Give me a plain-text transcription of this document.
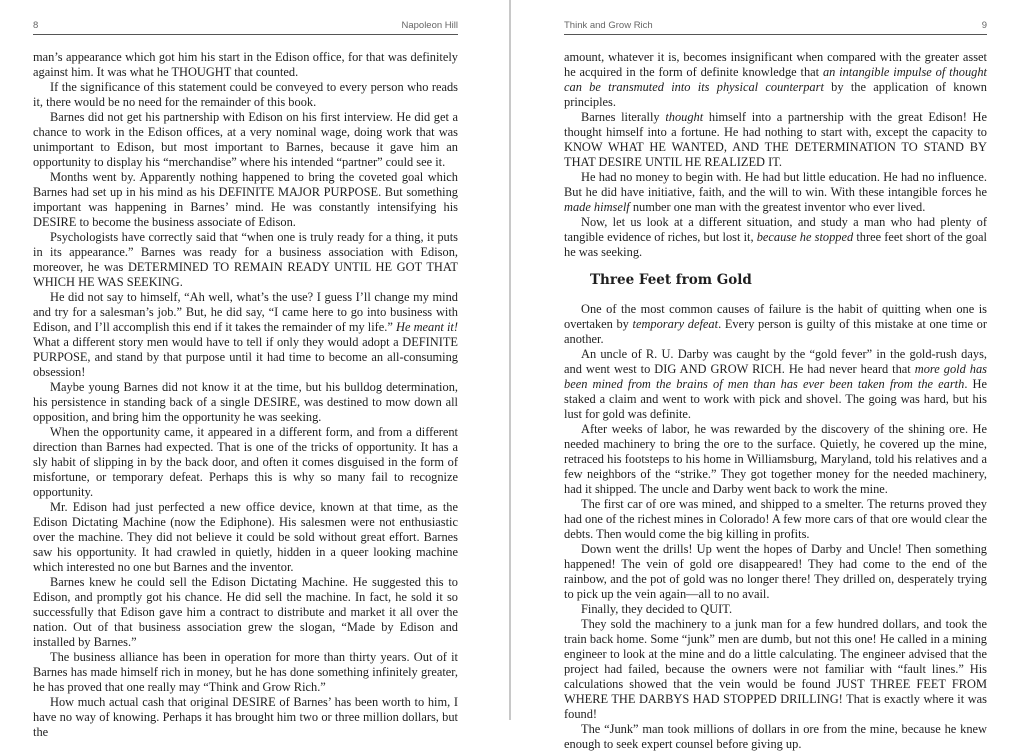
8	Napoleon Hill

man’s appearance which got him his start in the Edison office, for that was definitely against him. It was what he THOUGHT that counted.

If the significance of this statement could be conveyed to every person who reads it, there would be no need for the remainder of this book.

Barnes did not get his partnership with Edison on his first interview. He did get a chance to work in the Edison offices, at a very nominal wage, doing work that was unimportant to Edison, but most important to Barnes, because it gave him an opportunity to display his “merchandise” where his intended “partner” could see it.

Months went by. Apparently nothing happened to bring the coveted goal which Barnes had set up in his mind as his DEFINITE MAJOR PURPOSE. But something important was happening in Barnes’ mind. He was constantly intensifying his DESIRE to become the business associate of Edison.

Psychologists have correctly said that “when one is truly ready for a thing, it puts in its appearance.” Barnes was ready for a business association with Edison, moreover, he was DETERMINED TO REMAIN READY UNTIL HE GOT THAT WHICH HE WAS SEEKING.

He did not say to himself, “Ah well, what’s the use? I guess I’ll change my mind and try for a salesman’s job.” But, he did say, “I came here to go into business with Edison, and I’ll accomplish this end if it takes the remainder of my life.” He meant it! What a different story men would have to tell if only they would adopt a DEFINITE PURPOSE, and stand by that purpose until it had time to become an all-consuming obsession!

Maybe young Barnes did not know it at the time, but his bulldog determination, his persistence in standing back of a single DESIRE, was destined to mow down all opposition, and bring him the opportunity he was seeking.

When the opportunity came, it appeared in a different form, and from a different direction than Barnes had expected. That is one of the tricks of opportunity. It has a sly habit of slipping in by the back door, and often it comes disguised in the form of misfortune, or temporary defeat. Perhaps this is why so many fail to recognize opportunity.

Mr. Edison had just perfected a new office device, known at that time, as the Edison Dictating Machine (now the Ediphone). His salesmen were not enthusiastic over the machine. They did not believe it could be sold without great effort. Barnes saw his opportunity. It had crawled in quietly, hidden in a queer looking machine which interested no one but Barnes and the inventor.

Barnes knew he could sell the Edison Dictating Machine. He suggested this to Edison, and promptly got his chance. He did sell the machine. In fact, he sold it so successfully that Edison gave him a contract to distribute and market it all over the nation. Out of that business association grew the slogan, “Made by Edison and installed by Barnes.”

The business alliance has been in operation for more than thirty years. Out of it Barnes has made himself rich in money, but he has done something infinitely greater, he has proved that one really may “Think and Grow Rich.”

How much actual cash that original DESIRE of Barnes’ has been worth to him, I have no way of knowing. Perhaps it has brought him two or three million dollars, but the

Think and Grow Rich	9

amount, whatever it is, becomes insignificant when compared with the greater asset he acquired in the form of definite knowledge that an intangible impulse of thought can be transmuted into its physical counterpart by the application of known principles.

Barnes literally thought himself into a partnership with the great Edison! He thought himself into a fortune. He had nothing to start with, except the capacity to KNOW WHAT HE WANTED, AND THE DETERMINATION TO STAND BY THAT DESIRE UNTIL HE REALIZED IT.

He had no money to begin with. He had but little education. He had no influence. But he did have initiative, faith, and the will to win. With these intangible forces he made himself number one man with the greatest inventor who ever lived.

Now, let us look at a different situation, and study a man who had plenty of tangible evidence of riches, but lost it, because he stopped three feet short of the goal he was seeking.

Three Feet from Gold

One of the most common causes of failure is the habit of quitting when one is overtaken by temporary defeat. Every person is guilty of this mistake at one time or another.

An uncle of R. U. Darby was caught by the “gold fever” in the gold-rush days, and went west to DIG AND GROW RICH. He had never heard that more gold has been mined from the brains of men than has ever been taken from the earth. He staked a claim and went to work with pick and shovel. The going was hard, but his lust for gold was definite.

After weeks of labor, he was rewarded by the discovery of the shining ore. He needed machinery to bring the ore to the surface. Quietly, he covered up the mine, retraced his footsteps to his home in Williamsburg, Maryland, told his relatives and a few neighbors of the “strike.” They got together money for the needed machinery, had it shipped. The uncle and Darby went back to work the mine.

The first car of ore was mined, and shipped to a smelter. The returns proved they had one of the richest mines in Colorado! A few more cars of that ore would clear the debts. Then would come the big killing in profits.

Down went the drills! Up went the hopes of Darby and Uncle! Then something happened! The vein of gold ore disappeared! They had come to the end of the rainbow, and the pot of gold was no longer there! They drilled on, desperately trying to pick up the vein again—all to no avail.

Finally, they decided to QUIT.

They sold the machinery to a junk man for a few hundred dollars, and took the train back home. Some “junk” men are dumb, but not this one! He called in a mining engineer to look at the mine and do a little calculating. The engineer advised that the project had failed, because the owners were not familiar with “fault lines.” His calculations showed that the vein would be found JUST THREE FEET FROM WHERE THE DARBYS HAD STOPPED DRILLING! That is exactly where it was found!

The “Junk” man took millions of dollars in ore from the mine, because he knew enough to seek expert counsel before giving up.
